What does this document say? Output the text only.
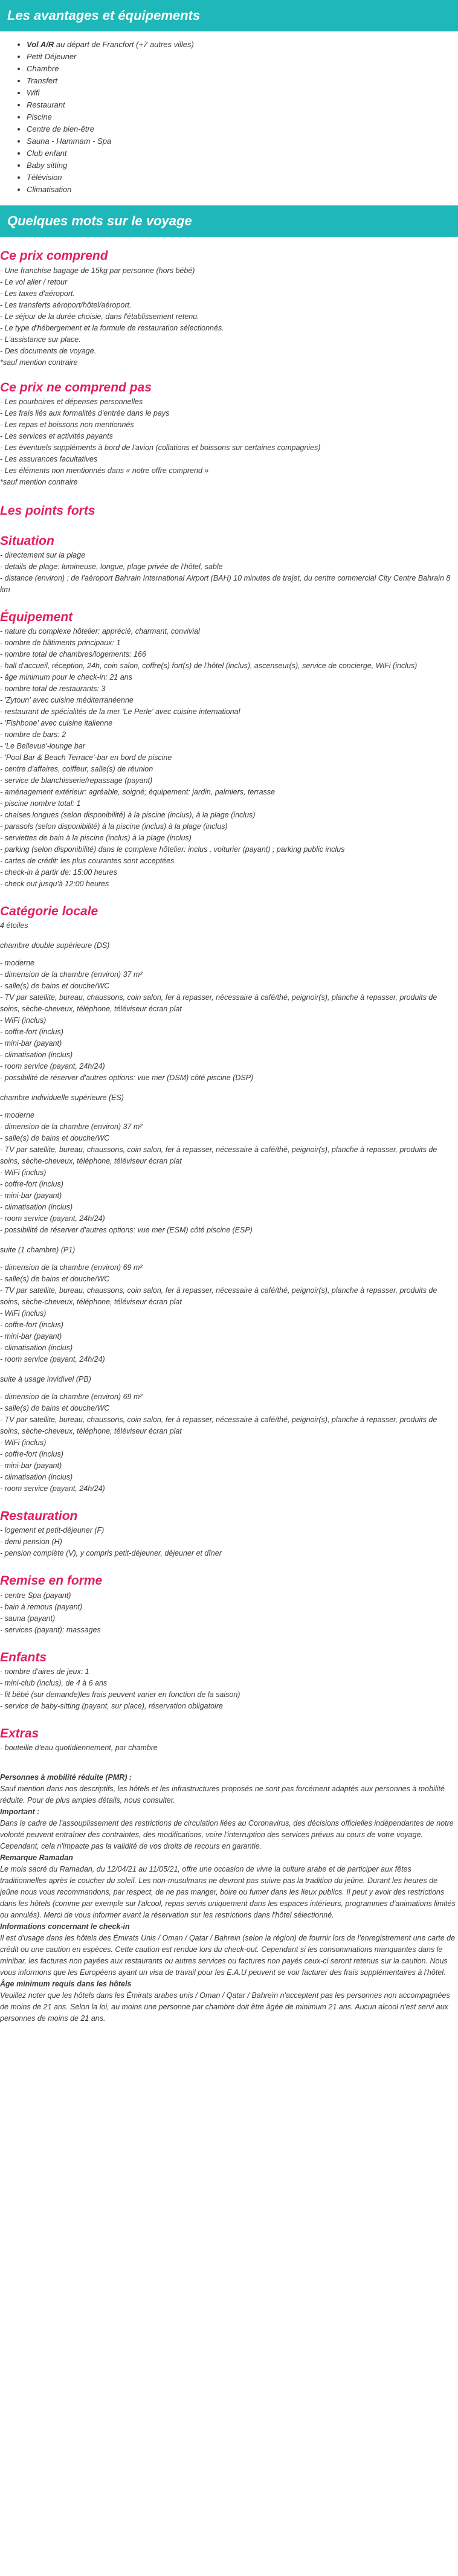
Les avantages et équipements
• Vol A/R au départ de Francfort (+7 autres villes)
• Petit Déjeuner
• Chambre
• Transfert
• Wifi
• Restaurant
• Piscine
• Centre de bien-être
• Sauna - Hammam - Spa
• Club enfant
• Baby sitting
• Télévision
• Climatisation
Quelques mots sur le voyage
Ce prix comprend
- Une franchise bagage de 15kg par personne (hors bébé)
- Le vol aller / retour
- Les taxes d'aéroport.
- Les transferts aéroport/hôtel/aéroport.
- Le séjour de la durée choisie, dans l'établissement retenu.
- Le type d'hébergement et la formule de restauration sélectionnés.
- L'assistance sur place.
- Des documents de voyage.
*sauf mention contraire
Ce prix ne comprend pas
- Les pourboires et dépenses personnelles
- Les frais liés aux formalités d'entrée dans le pays
- Les repas et boissons non mentionnés
- Les services et activités payants
- Les éventuels suppléments à bord de l'avion (collations et boissons sur certaines compagnies)
- Les assurances facultatives
- Les éléments non mentionnés dans « notre offre comprend »
*sauf mention contraire
Les points forts
Situation
- directement sur la plage
- details de plage: lumineuse, longue, plage privée de l'hôtel, sable
- distance (environ) : de l'aéroport Bahrain International Airport (BAH) 10 minutes de trajet, du centre commercial City Centre Bahrain 8 km
Équipement
- nature du complexe hôtelier: apprécié, charmant, convivial
- nombre de bâtiments principaux: 1
- nombre total de chambres/logements: 166
- hall d'accueil, réception, 24h, coin salon, coffre(s) fort(s) de l'hôtel (inclus), ascenseur(s), service de concierge, WiFi (inclus)
- âge minimum pour le check-in: 21 ans
- nombre total de restaurants: 3
- 'Zytoun' avec cuisine méditerranéenne
- restaurant de spécialités de la mer 'Le Perle' avec cuisine international
- 'Fishbone' avec cuisine italienne
- nombre de bars: 2
- 'Le Bellevue'-lounge bar
- 'Pool Bar & Beach Terrace'-bar en bord de piscine
- centre d'affaires, coiffeur, salle(s) de réunion
- service de blanchisserie/repassage (payant)
- aménagement extérieur: agréable, soigné; équipement: jardin, palmiers, terrasse
- piscine nombre total: 1
- chaises longues (selon disponibilité) à la piscine (inclus), à la plage (inclus)
- parasols (selon disponibilité) à la piscine (inclus) à la plage (inclus)
- serviettes de bain à la piscine (inclus) à la plage (inclus)
- parking (selon disponibilité) dans le complexe hôtelier: inclus , voiturier (payant) ; parking public inclus
- cartes de crédit: les plus courantes sont acceptées
- check-in à partir de: 15:00 heures
- check out jusqu'à 12:00 heures
Catégorie locale
4 étoiles
chambre double supérieure (DS)
- moderne
- dimension de la chambre (environ) 37 m²
- salle(s) de bains et douche/WC
- TV par satellite, bureau, chaussons, coin salon, fer à repasser, nécessaire à café/thé, peignoir(s), planche à repasser, produits de soins, sèche-cheveux, téléphone, téléviseur écran plat
- WiFi (inclus)
- coffre-fort (inclus)
- mini-bar (payant)
- climatisation (inclus)
- room service (payant, 24h/24)
- possibilité de réserver d'autres options: vue mer (DSM) côté piscine (DSP)
chambre individuelle supérieure (ES)
- moderne
- dimension de la chambre (environ) 37 m²
- salle(s) de bains et douche/WC
- TV par satellite, bureau, chaussons, coin salon, fer à repasser, nécessaire à café/thé, peignoir(s), planche à repasser, produits de soins, sèche-cheveux, téléphone, téléviseur écran plat
- WiFi (inclus)
- coffre-fort (inclus)
- mini-bar (payant)
- climatisation (inclus)
- room service (payant, 24h/24)
- possibilité de réserver d'autres options: vue mer (ESM) côté piscine (ESP)
suite (1 chambre) (P1)
- dimension de la chambre (environ) 69 m²
- salle(s) de bains et douche/WC
- TV par satellite, bureau, chaussons, coin salon, fer à repasser, nécessaire à café/thé, peignoir(s), planche à repasser, produits de soins, sèche-cheveux, téléphone, téléviseur écran plat
- WiFi (inclus)
- coffre-fort (inclus)
- mini-bar (payant)
- climatisation (inclus)
- room service (payant, 24h/24)
suite à usage invidivel (PB)
- dimension de la chambre (environ) 69 m²
- salle(s) de bains et douche/WC
- TV par satellite, bureau, chaussons, coin salon, fer à repasser, nécessaire à café/thé, peignoir(s), planche à repasser, produits de soins, sèche-cheveux, téléphone, téléviseur écran plat
- WiFi (inclus)
- coffre-fort (inclus)
- mini-bar (payant)
- climatisation (inclus)
- room service (payant, 24h/24)
Restauration
- logement et petit-déjeuner (F)
- demi pension (H)
- pension complète (V), y compris petit-déjeuner, déjeuner et dîner
Remise en forme
- centre Spa (payant)
- bain à remous (payant)
- sauna (payant)
- services (payant): massages
Enfants
- nombre d'aires de jeux: 1
- mini-club (inclus), de 4 à 6 ans
- lit bébé (sur demande)les frais peuvent varier en fonction de la saison)
- service de baby-sitting (payant, sur place), réservation obligatoire
Extras
- bouteille d'eau quotidiennement, par chambre
Personnes à mobilité réduite (PMR) :
Sauf mention dans nos descriptifs, les hôtels et les infrastructures proposés ne sont pas forcément adaptés aux personnes à mobilité réduite. Pour de plus amples détails, nous consulter.
Important :
Dans le cadre de l'assouplissement des restrictions de circulation liées au Coronavirus, des décisions officielles indépendantes de notre volonté peuvent entraîner des contraintes, des modifications, voire l'interruption des services prévus au cours de votre voyage.
Cependant, cela n'impacte pas la validité de vos droits de recours en garantie.
Remarque Ramadan
Le mois sacré du Ramadan, du 12/04/21 au 11/05/21, offre une occasion de vivre la culture arabe et de participer aux fêtes traditionnelles après le coucher du soleil. Les non-musulmans ne devront pas suivre pas la tradition du jeûne. Durant les heures de jeûne nous vous recommandons, par respect, de ne pas manger, boire ou fumer dans les lieux publics. Il peut y avoir des restrictions dans les hôtels (comme par exemple sur l'alcool, repas servis uniquement dans les espaces intérieurs, programmes d'animations limités ou annulés). Merci de vous informer avant la réservation sur les restrictions dans l'hôtel sélectionné.
Informations concernant le check-in
Il est d'usage dans les hôtels des Émirats Unis / Oman / Qatar / Bahrein (selon la région) de fournir lors de l'enregistrement une carte de crédit ou une caution en espèces. Cette caution est rendue lors du check-out. Cependant si les consommations manquantes dans le minibar, les factures non payées aux restaurants ou autres services ou factures non payés ceux-ci seront retenus sur la caution. Nous vous informons que les Européens ayant un visa de travail pour les E.A.U peuvent se voir facturer des frais supplémentaires à l'hôtel.
Âge minimum requis dans les hôtels
Veuillez noter que les hôtels dans les Émirats arabes unis / Oman / Qatar / Bahreïn n'acceptent pas les personnes non accompagnées de moins de 21 ans. Selon la loi, au moins une personne par chambre doit être âgée de minimum 21 ans. Aucun alcool n'est servi aux personnes de moins de 21 ans.
